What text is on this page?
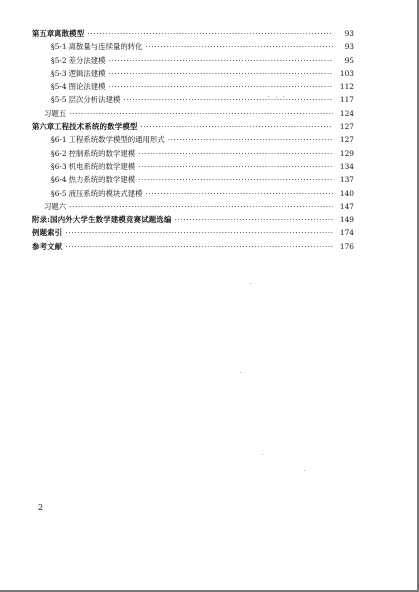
第五章 离散模型 ·····	93
§5-1 离散量与连续量的转化 ·····	93
§5-2 差分法建模 ·····	95
§5-3 逻辑法建模 ·····	103
§5-4 图论法建模 ·····	112
§5-5 层次分析法建模 ·····	117
习题五 ·····	124
第六章 工程技术系统的数学模型 ·····	127
§6-1 工程系统数学模型的通用形式 ·····	127
§6-2 控制系统的数学建模 ·····	129
§6-3 机电系统的数学建模 ·····	134
§6-4 热力系统的数学建模 ·····	137
§6-5 液压系统的模块式建模 ·····	140
习题六 ·····	147
附录:国内外大学生数学建模竞赛试题选编 ·····	149
例题索引 ·····	174
参考文献 ·····	176
2
